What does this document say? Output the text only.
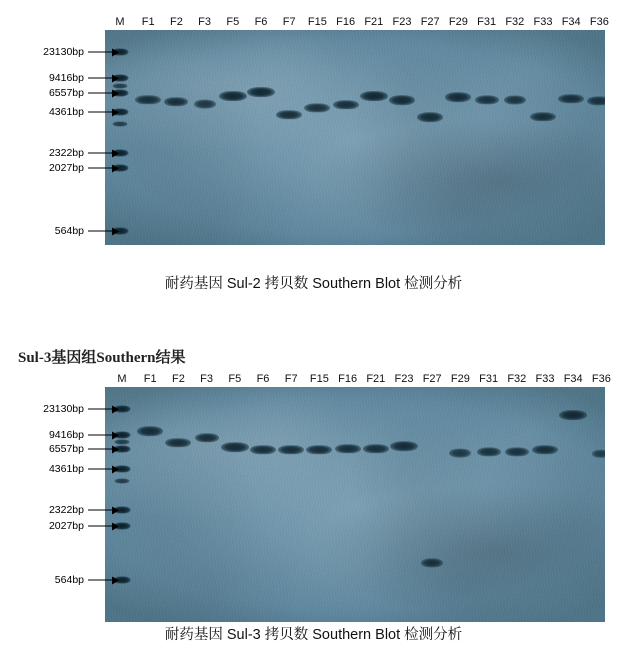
M	F1	F2	F3	F5	F6	F7	F15 F16 F21 F23 F27 F29 F31 F32 F33 F34 F36
23130bp
9416bp
6557bp
4361bp
2322bp
2027bp
564bp
耐药基因 Sul-2 拷贝数 Southern Blot 检测分析
Sul-3基因组Southern结果
M	F1	F2	F3	F5	F6	F7	F15 F16 F21 F23 F27 F29 F31 F32 F33 F34 F36
23130bp
9416bp
6557bp
4361bp
2322bp
2027bp
564bp
耐药基因 Sul-3 拷贝数 Southern Blot 检测分析
